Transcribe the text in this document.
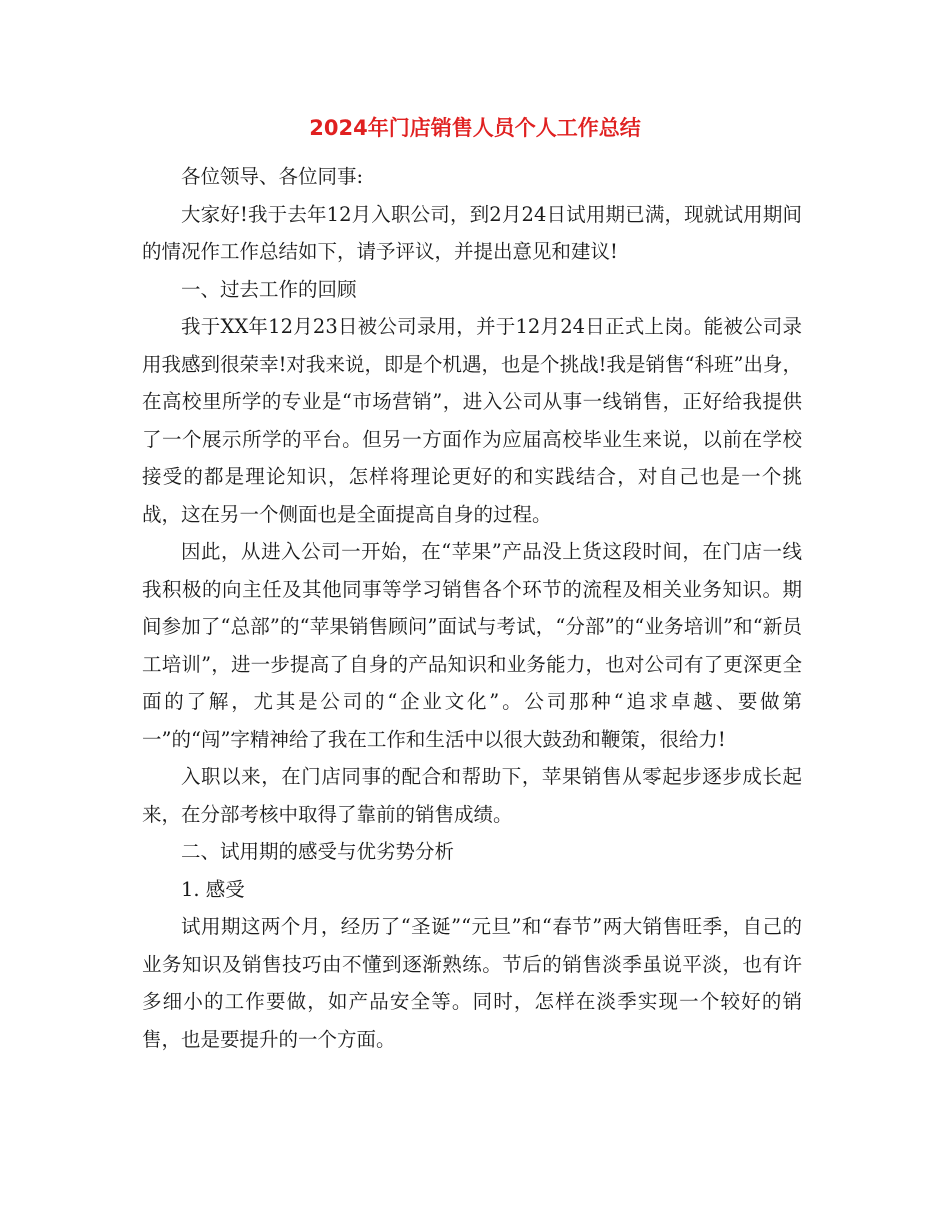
2024年门店销售人员个人工作总结

各位领导、各位同事:

大家好!我于去年12月入职公司，到2月24日试用期已满，现就试用期间的情况作工作总结如下，请予评议，并提出意见和建议!

一、过去工作的回顾

我于XX年12月23日被公司录用，并于12月24日正式上岗。能被公司录用我感到很荣幸!对我来说，即是个机遇，也是个挑战!我是销售“科班”出身，在高校里所学的专业是“市场营销”，进入公司从事一线销售，正好给我提供了一个展示所学的平台。但另一方面作为应届高校毕业生来说，以前在学校接受的都是理论知识，怎样将理论更好的和实践结合，对自己也是一个挑战，这在另一个侧面也是全面提高自身的过程。

因此，从进入公司一开始，在“苹果”产品没上货这段时间，在门店一线我积极的向主任及其他同事等学习销售各个环节的流程及相关业务知识。期间参加了“总部”的“苹果销售顾问”面试与考试，“分部”的“业务培训”和“新员工培训”，进一步提高了自身的产品知识和业务能力，也对公司有了更深更全面的了解，尤其是公司的“企业文化”。公司那种“追求卓越、要做第一”的“闯”字精神给了我在工作和生活中以很大鼓劲和鞭策，很给力!

入职以来，在门店同事的配合和帮助下，苹果销售从零起步逐步成长起来，在分部考核中取得了靠前的销售成绩。

二、试用期的感受与优劣势分析

1. 感受

试用期这两个月，经历了“圣诞”“元旦”和“春节”两大销售旺季，自己的业务知识及销售技巧由不懂到逐渐熟练。节后的销售淡季虽说平淡，也有许多细小的工作要做，如产品安全等。同时，怎样在淡季实现一个较好的销售，也是要提升的一个方面。
